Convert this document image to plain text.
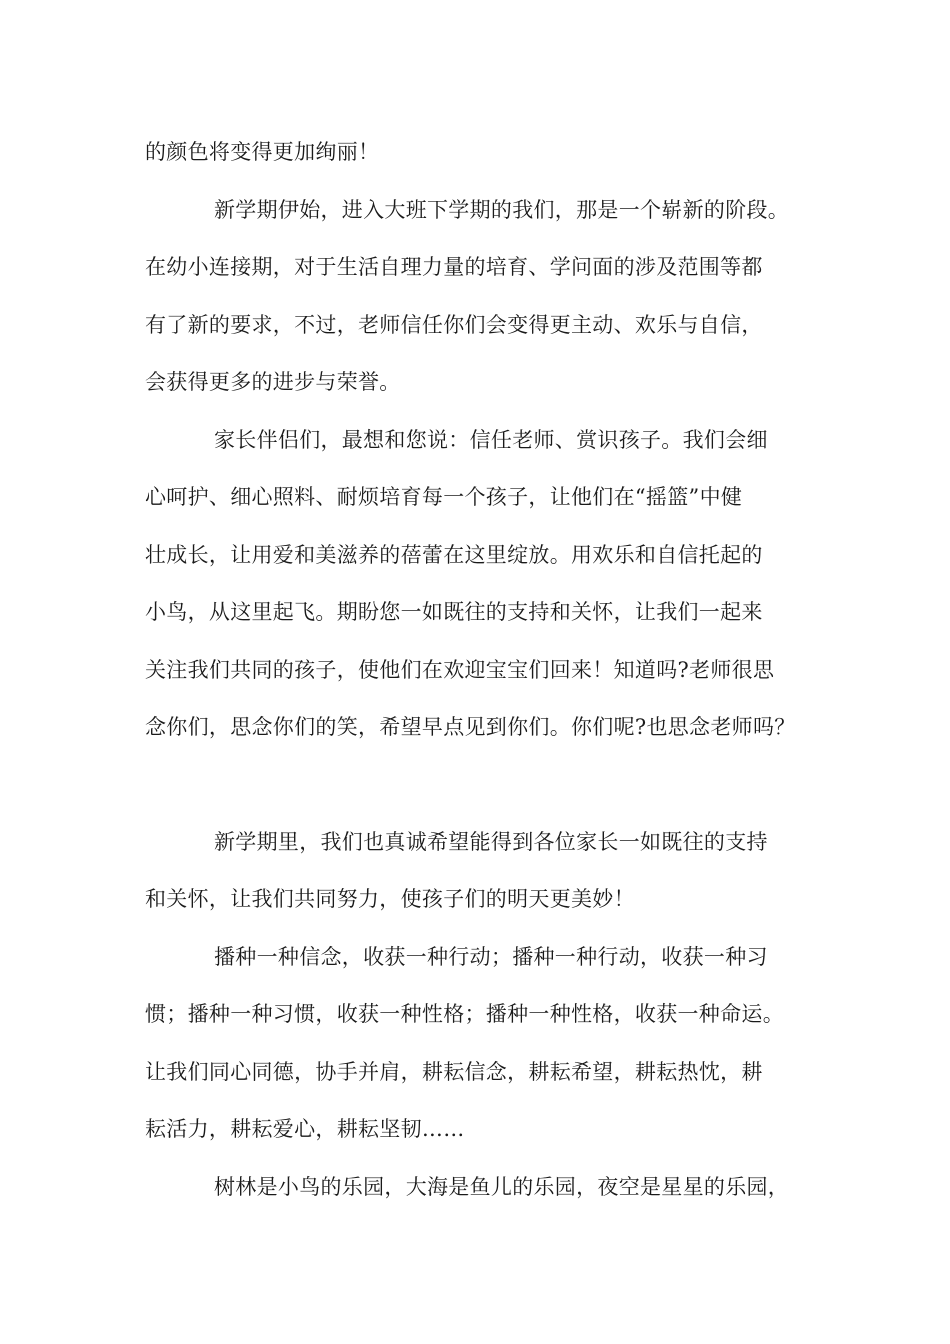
的颜色将变得更加绚丽！
新学期伊始，进入大班下学期的我们，那是一个崭新的阶段。
在幼小连接期，对于生活自理力量的培育、学问面的涉及范围等都
有了新的要求，不过，老师信任你们会变得更主动、欢乐与自信，
会获得更多的进步与荣誉。
家长伴侣们，最想和您说：信任老师、赏识孩子。我们会细
心呵护、细心照料、耐烦培育每一个孩子，让他们在“摇篮”中健
壮成长，让用爱和美滋养的蓓蕾在这里绽放。用欢乐和自信托起的
小鸟，从这里起飞。期盼您一如既往的支持和关怀，让我们一起来
关注我们共同的孩子，使他们在欢迎宝宝们回来！知道吗?老师很思
念你们，思念你们的笑，希望早点见到你们。你们呢?也思念老师吗？
新学期里，我们也真诚希望能得到各位家长一如既往的支持
和关怀，让我们共同努力，使孩子们的明天更美妙！
播种一种信念，收获一种行动；播种一种行动，收获一种习
惯；播种一种习惯，收获一种性格；播种一种性格，收获一种命运。
让我们同心同德，协手并肩，耕耘信念，耕耘希望，耕耘热忱，耕
耘活力，耕耘爱心，耕耘坚韧……
树林是小鸟的乐园，大海是鱼儿的乐园，夜空是星星的乐园，
